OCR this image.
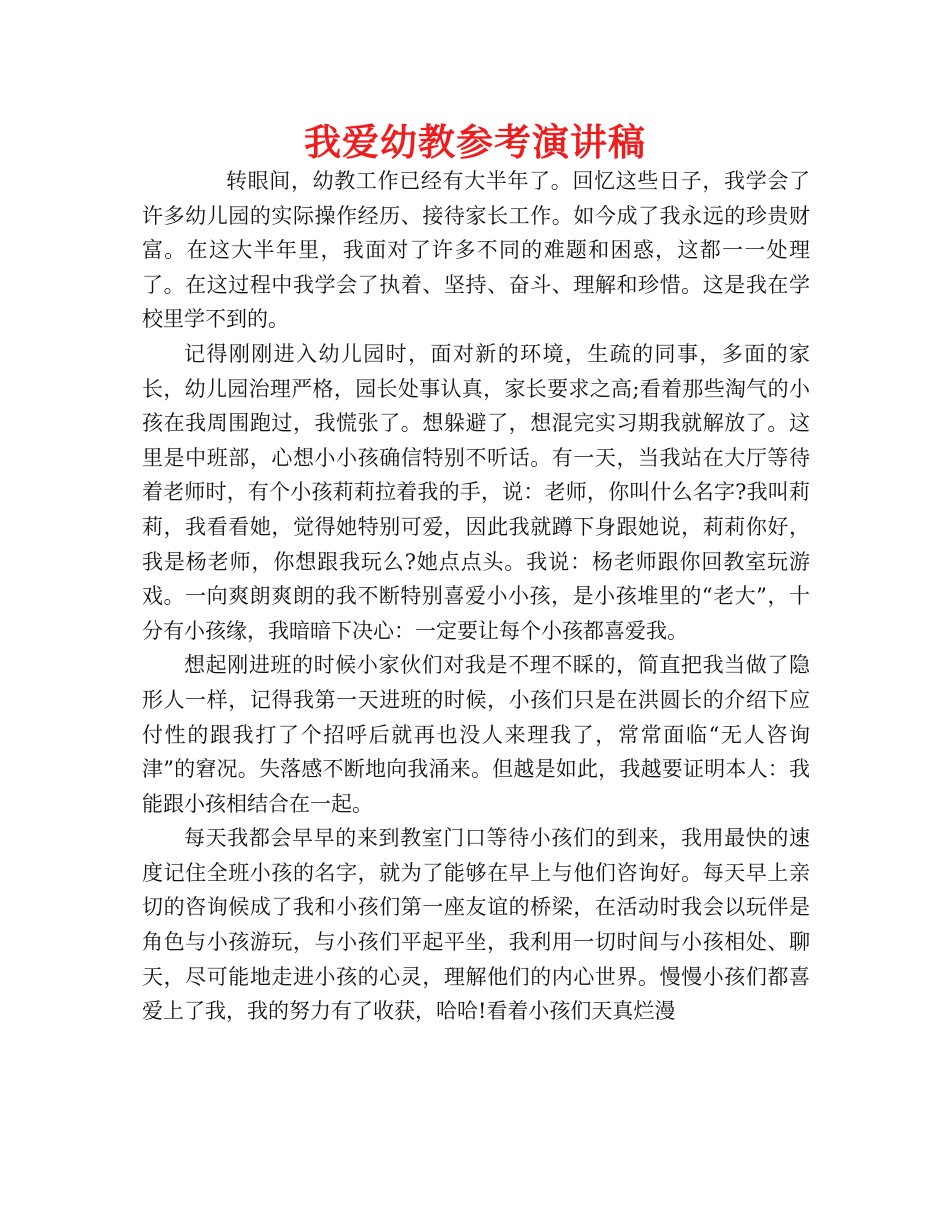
我爱幼教参考演讲稿

转眼间，幼教工作已经有大半年了。回忆这些日子，我学会了许多幼儿园的实际操作经历、接待家长工作。如今成了我永远的珍贵财富。在这大半年里，我面对了许多不同的难题和困惑，这都一一处理了。在这过程中我学会了执着、坚持、奋斗、理解和珍惜。这是我在学校里学不到的。

记得刚刚进入幼儿园时，面对新的环境，生疏的同事，多面的家长，幼儿园治理严格，园长处事认真，家长要求之高;看着那些淘气的小孩在我周围跑过，我慌张了。想躲避了，想混完实习期我就解放了。这里是中班部，心想小小孩确信特别不听话。有一天，当我站在大厅等待着老师时，有个小孩莉莉拉着我的手，说：老师，你叫什么名字?我叫莉莉，我看看她，觉得她特别可爱，因此我就蹲下身跟她说，莉莉你好，我是杨老师，你想跟我玩么?她点点头。我说：杨老师跟你回教室玩游戏。一向爽朗爽朗的我不断特别喜爱小小孩，是小孩堆里的“老大”，十分有小孩缘，我暗暗下决心：一定要让每个小孩都喜爱我。

想起刚进班的时候小家伙们对我是不理不睬的，简直把我当做了隐形人一样，记得我第一天进班的时候，小孩们只是在洪圆长的介绍下应付性的跟我打了个招呼后就再也没人来理我了，常常面临“无人咨询津”的窘况。失落感不断地向我涌来。但越是如此，我越要证明本人：我能跟小孩相结合在一起。

每天我都会早早的来到教室门口等待小孩们的到来，我用最快的速度记住全班小孩的名字，就为了能够在早上与他们咨询好。每天早上亲切的咨询候成了我和小孩们第一座友谊的桥梁，在活动时我会以玩伴是角色与小孩游玩，与小孩们平起平坐，我利用一切时间与小孩相处、聊天，尽可能地走进小孩的心灵，理解他们的内心世界。慢慢小孩们都喜爱上了我，我的努力有了收获，哈哈!看着小孩们天真烂漫
